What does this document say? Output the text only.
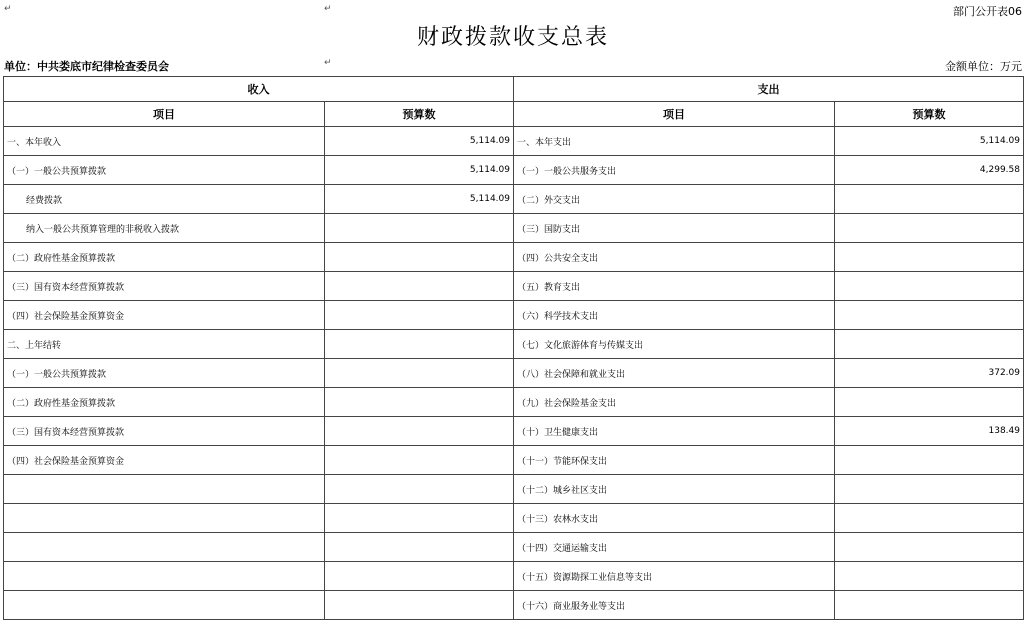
↵	↵
↵
部门公开表06
财政拨款收支总表
单位：中共娄底市纪律检查委员会	金额单位：万元
收入		支出	
项目	预算数	项目	预算数
一、本年收入	5,114.09	一、本年支出	5,114.09
（一）一般公共预算拨款	5,114.09	（一）一般公共服务支出	4,299.58
经费拨款	5,114.09	（二）外交支出	
纳入一般公共预算管理的非税收入拨款		（三）国防支出	
（二）政府性基金预算拨款		（四）公共安全支出	
（三）国有资本经营预算拨款		（五）教育支出	
（四）社会保险基金预算资金		（六）科学技术支出	
二、上年结转		（七）文化旅游体育与传媒支出	
（一）一般公共预算拨款		（八）社会保障和就业支出	372.09
（二）政府性基金预算拨款		（九）社会保险基金支出	
（三）国有资本经营预算拨款		（十）卫生健康支出	138.49
（四）社会保险基金预算资金		（十一）节能环保支出	
		（十二）城乡社区支出	
		（十三）农林水支出	
		（十四）交通运输支出	
		（十五）资源勘探工业信息等支出	
		（十六）商业服务业等支出	
